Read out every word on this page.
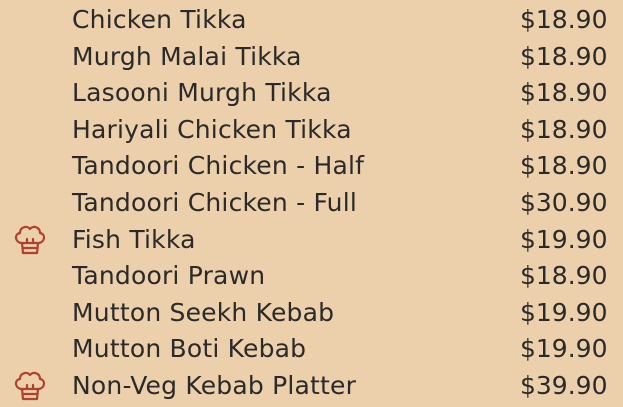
Chicken Tikka	$18.90
Murgh Malai Tikka	$18.90
Lasooni Murgh Tikka	$18.90
Hariyali Chicken Tikka	$18.90
Tandoori Chicken - Half	$18.90
Tandoori Chicken - Full	$30.90
Fish Tikka	$19.90
Tandoori Prawn	$18.90
Mutton Seekh Kebab	$19.90
Mutton Boti Kebab	$19.90
Non-Veg Kebab Platter	$39.90
